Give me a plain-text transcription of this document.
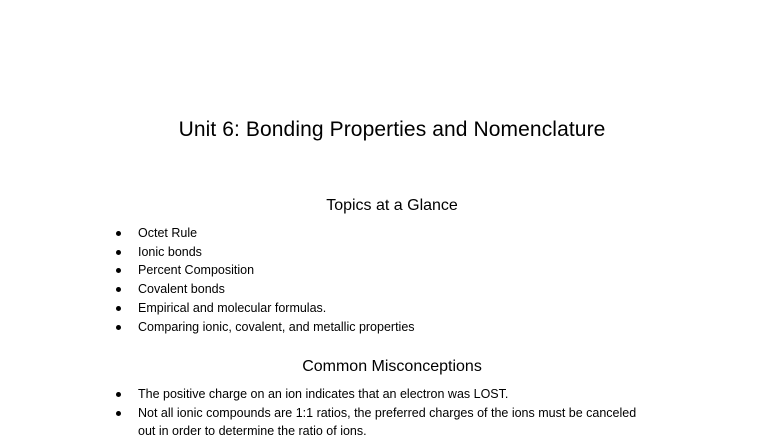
Unit 6: Bonding Properties and Nomenclature
Topics at a Glance
Octet Rule
Ionic bonds
Percent Composition
Covalent bonds
Empirical and molecular formulas.
Comparing ionic, covalent, and metallic properties
Common Misconceptions
The positive charge on an ion indicates that an electron was LOST.
Not all ionic compounds are 1:1 ratios, the preferred charges of the ions must be canceled out in order to determine the ratio of ions.
